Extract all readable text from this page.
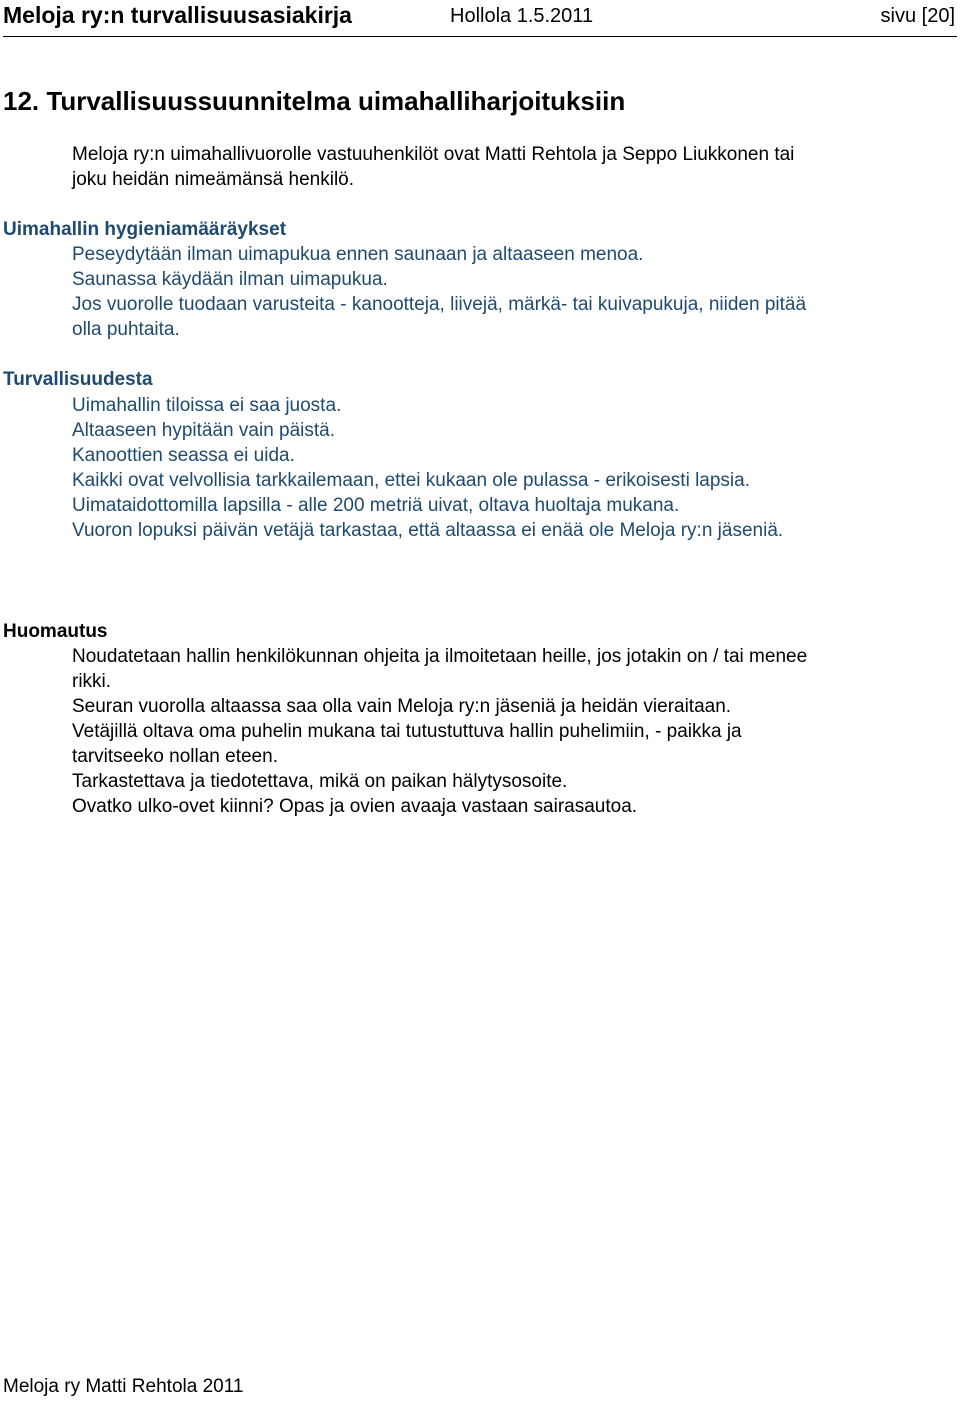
Meloja ry:n turvallisuusasiakirja	Hollola 1.5.2011	sivu [20]
12. Turvallisuussuunnitelma uimahalliharjoituksiin

Meloja ry:n uimahallivuorolle vastuuhenkilöt ovat Matti Rehtola ja Seppo Liukkonen tai joku heidän nimeämänsä henkilö.

Uimahallin hygieniamääräykset
Peseydytään ilman uimapukua ennen saunaan ja altaaseen menoa.
Saunassa käydään ilman uimapukua.
Jos vuorolle tuodaan varusteita - kanootteja, liivejä, märkä- tai kuivapukuja, niiden pitää olla puhtaita.
Turvallisuudesta
Uimahallin tiloissa ei saa juosta.
Altaaseen hypitään vain päistä.
Kanoottien seassa ei uida.
Kaikki ovat velvollisia tarkkailemaan, ettei kukaan ole pulassa - erikoisesti lapsia.
Uimataidottomilla lapsilla - alle 200 metriä uivat, oltava huoltaja mukana.
Vuoron lopuksi päivän vetäjä tarkastaa, että altaassa ei enää ole Meloja ry:n jäseniä.
Huomautus
Noudatetaan hallin henkilökunnan ohjeita ja ilmoitetaan heille, jos jotakin on / tai menee rikki.
Seuran vuorolla altaassa saa olla vain Meloja ry:n jäseniä ja heidän vieraitaan.
Vetäjillä oltava oma puhelin mukana tai tutustuttuva hallin puhelimiin, - paikka ja tarvitseeko nollan eteen.
Tarkastettava ja tiedotettava, mikä on paikan hälytysosoite.
Ovatko ulko-ovet kiinni? Opas ja ovien avaaja vastaan sairasautoa.
Meloja ry Matti Rehtola 2011
